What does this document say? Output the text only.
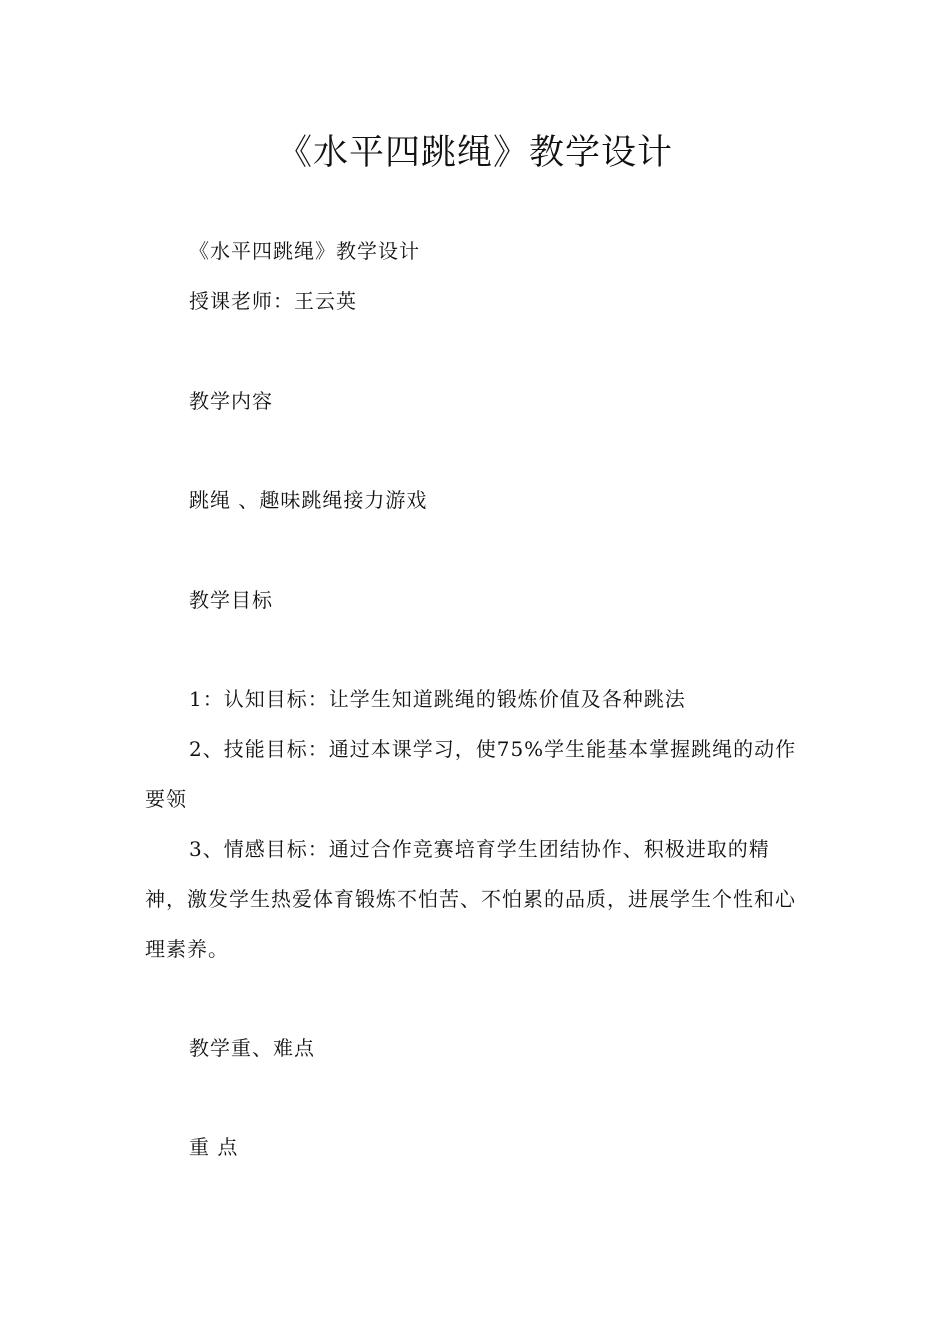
《水平四跳绳》教学设计
《水平四跳绳》教学设计
授课老师：王云英
教学内容
跳绳 、趣味跳绳接力游戏
教学目标
1：认知目标：让学生知道跳绳的锻炼价值及各种跳法
2、技能目标：通过本课学习，使75%学生能基本掌握跳绳的动作要领
3、情感目标：通过合作竞赛培育学生团结协作、积极进取的精神，激发学生热爱体育锻炼不怕苦、不怕累的品质，进展学生个性和心理素养。
教学重、难点
重 点
